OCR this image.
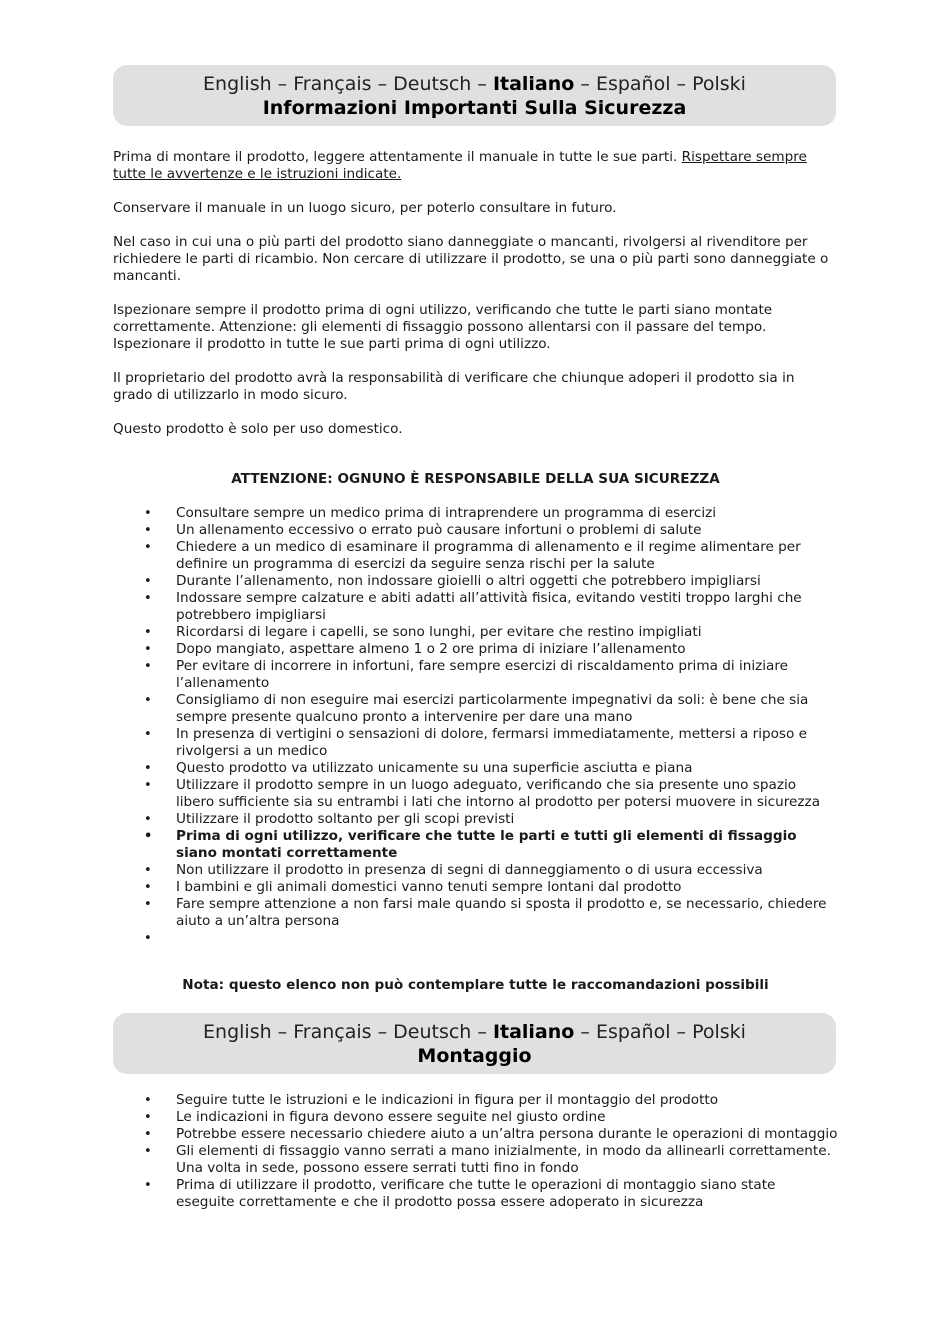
English – Français – Deutsch – Italiano – Español – Polski
Informazioni Importanti Sulla Sicurezza
Prima di montare il prodotto, leggere attentamente il manuale in tutte le sue parti. Rispettare sempre tutte le avvertenze e le istruzioni indicate.
Conservare il manuale in un luogo sicuro, per poterlo consultare in futuro.
Nel caso in cui una o più parti del prodotto siano danneggiate o mancanti, rivolgersi al rivenditore per richiedere le parti di ricambio. Non cercare di utilizzare il prodotto, se una o più parti sono danneggiate o mancanti.
Ispezionare sempre il prodotto prima di ogni utilizzo, verificando che tutte le parti siano montate correttamente. Attenzione: gli elementi di fissaggio possono allentarsi con il passare del tempo. Ispezionare il prodotto in tutte le sue parti prima di ogni utilizzo.
Il proprietario del prodotto avrà la responsabilità di verificare che chiunque adoperi il prodotto sia in grado di utilizzarlo in modo sicuro.
Questo prodotto è solo per uso domestico.
ATTENZIONE: OGNUNO È RESPONSABILE DELLA SUA SICUREZZA
• Consultare sempre un medico prima di intraprendere un programma di esercizi
• Un allenamento eccessivo o errato può causare infortuni o problemi di salute
• Chiedere a un medico di esaminare il programma di allenamento e il regime alimentare per definire un programma di esercizi da seguire senza rischi per la salute
• Durante l’allenamento, non indossare gioielli o altri oggetti che potrebbero impigliarsi
• Indossare sempre calzature e abiti adatti all’attività fisica, evitando vestiti troppo larghi che potrebbero impigliarsi
• Ricordarsi di legare i capelli, se sono lunghi, per evitare che restino impigliati
• Dopo mangiato, aspettare almeno 1 o 2 ore prima di iniziare l’allenamento
• Per evitare di incorrere in infortuni, fare sempre esercizi di riscaldamento prima di iniziare l’allenamento
• Consigliamo di non eseguire mai esercizi particolarmente impegnativi da soli: è bene che sia sempre presente qualcuno pronto a intervenire per dare una mano
• In presenza di vertigini o sensazioni di dolore, fermarsi immediatamente, mettersi a riposo e rivolgersi a un medico
• Questo prodotto va utilizzato unicamente su una superficie asciutta e piana
• Utilizzare il prodotto sempre in un luogo adeguato, verificando che sia presente uno spazio libero sufficiente sia su entrambi i lati che intorno al prodotto per potersi muovere in sicurezza
• Utilizzare il prodotto soltanto per gli scopi previsti
• Prima di ogni utilizzo, verificare che tutte le parti e tutti gli elementi di fissaggio siano montati correttamente
• Non utilizzare il prodotto in presenza di segni di danneggiamento o di usura eccessiva
• I bambini e gli animali domestici vanno tenuti sempre lontani dal prodotto
• Fare sempre attenzione a non farsi male quando si sposta il prodotto e, se necessario, chiedere aiuto a un’altra persona
•
Nota: questo elenco non può contemplare tutte le raccomandazioni possibili
English – Français – Deutsch – Italiano – Español – Polski
Montaggio
• Seguire tutte le istruzioni e le indicazioni in figura per il montaggio del prodotto
• Le indicazioni in figura devono essere seguite nel giusto ordine
• Potrebbe essere necessario chiedere aiuto a un’altra persona durante le operazioni di montaggio
• Gli elementi di fissaggio vanno serrati a mano inizialmente, in modo da allinearli correttamente. Una volta in sede, possono essere serrati tutti fino in fondo
• Prima di utilizzare il prodotto, verificare che tutte le operazioni di montaggio siano state eseguite correttamente e che il prodotto possa essere adoperato in sicurezza
